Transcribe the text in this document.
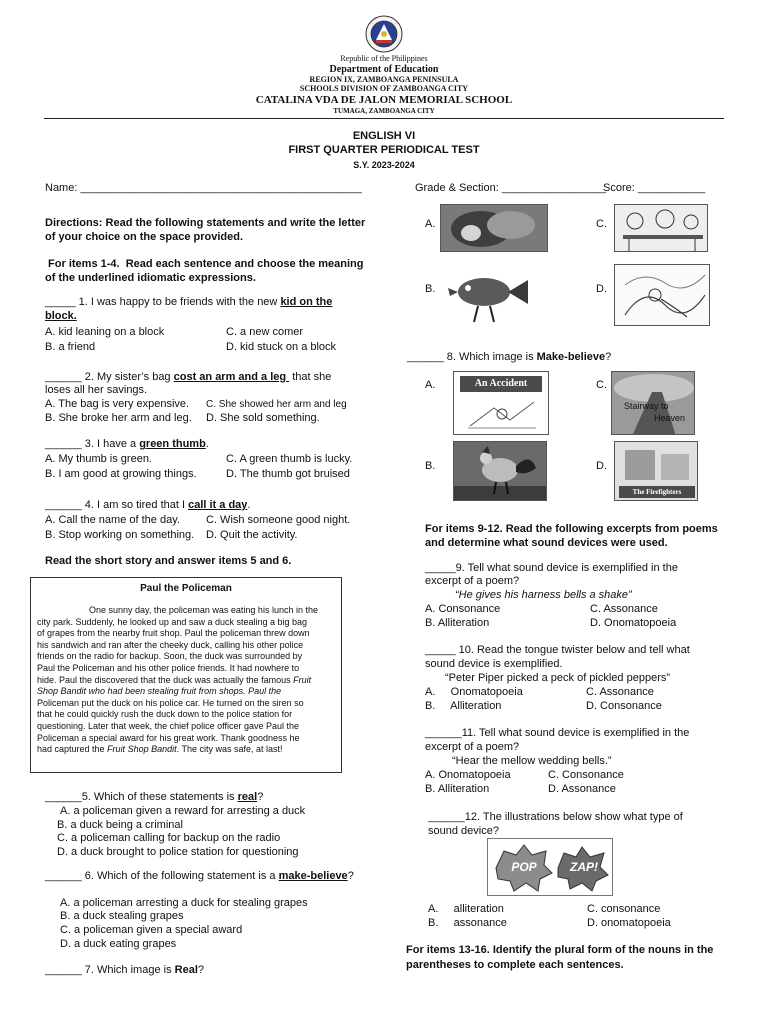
Republic of the Philippines
Department of Education
REGION IX, ZAMBOANGA PENINSULA
SCHOOLS DIVISION OF ZAMBOANGA CITY
CATALINA VDA DE JALON MEMORIAL SCHOOL
TUMAGA, ZAMBOANGA CITY
ENGLISH VI
FIRST QUARTER PERIODICAL TEST
S.Y. 2023-2024
Name: ______________________________________________	Grade & Section: _________________
Score: ___________
Directions: Read the following statements and write the letter
of your choice on the space provided.
For items 1-4.  Read each sentence and choose the meaning
of the underlined idiomatic expressions.
_____ 1. I was happy to be friends with the new kid on the
block.
A. kid leaning on a block	C. a new comer
B. a friend	D. kid stuck on a block
______ 2. My sister’s bag cost an arm and a leg  that she
loses all her savings.
A. The bag is very expensive. C. She showed her arm and leg
B. She broke her arm and leg. D. She sold something.
______ 3. I have a green thumb.
A. My thumb is green.	C. A green thumb is lucky.
B. I am good at growing things.	D. The thumb got bruised
______ 4. I am so tired that I call it a day.
A. Call the name of the day. C. Wish someone good night.
B. Stop working on something. D. Quit the activity.
Read the short story and answer items 5 and 6.
Paul the Policeman
One sunny day, the policeman was eating his lunch in the
city park. Suddenly, he looked up and saw a duck stealing a big bag
of grapes from the nearby fruit shop. Paul the policeman threw down
his sandwich and ran after the cheeky duck, calling his other police
friends on the radio for backup. Soon, the duck was surrounded by
Paul the Policeman and his other police friends. It had nowhere to
hide. Paul the discovered that the duck was actually the famous Fruit
Shop Bandit who had been stealing fruit from shops. Paul the
Policeman put the duck on his police car. He turned on the siren so
that he could quickly rush the duck down to the police station for
questioning. Later that week, the chief police officer gave Paul the
Policeman a special award for his great work. Thank goodness he
had captured the Fruit Shop Bandit. The city was safe, at last!
______5. Which of these statements is real?
A. a policeman given a reward for arresting a duck
B. a duck being a criminal
C. a policeman calling for backup on the radio
D. a duck brought to police station for questioning
______ 6. Which of the following statement is a make-believe?
A. a policeman arresting a duck for stealing grapes
B. a duck stealing grapes
C. a policeman given a special award
D. a duck eating grapes
______ 7. Which image is Real?
A.	C.
B.	D.
______ 8. Which image is Make-believe?
A.	An Accident	C.
Stairway to
Heaven
B.	D.
The Firefighters
For items 9-12. Read the following excerpts from poems
and determine what sound devices were used.
_____9. Tell what sound device is exemplified in the
excerpt of a poem?
“He gives his harness bells a shake”
A. Consonance	C. Assonance
B. Alliteration	D. Onomatopoeia
_____ 10. Read the tongue twister below and tell what
sound device is exemplified.
“Peter Piper picked a peck of pickled peppers”
A.     Onomatopoeia	C. Assonance
B.     Alliteration	D. Consonance
______11. Tell what sound device is exemplified in the
excerpt of a poem?
“Hear the mellow wedding bells.”
A. Onomatopoeia	C. Consonance
B. Alliteration	D. Assonance
______12. The illustrations below show what type of
sound device?
POP	ZAP!
A.     alliteration	C. consonance
B.     assonance	D. onomatopoeia
For items 13-16. Identify the plural form of the nouns in the
parentheses to complete each sentences.
